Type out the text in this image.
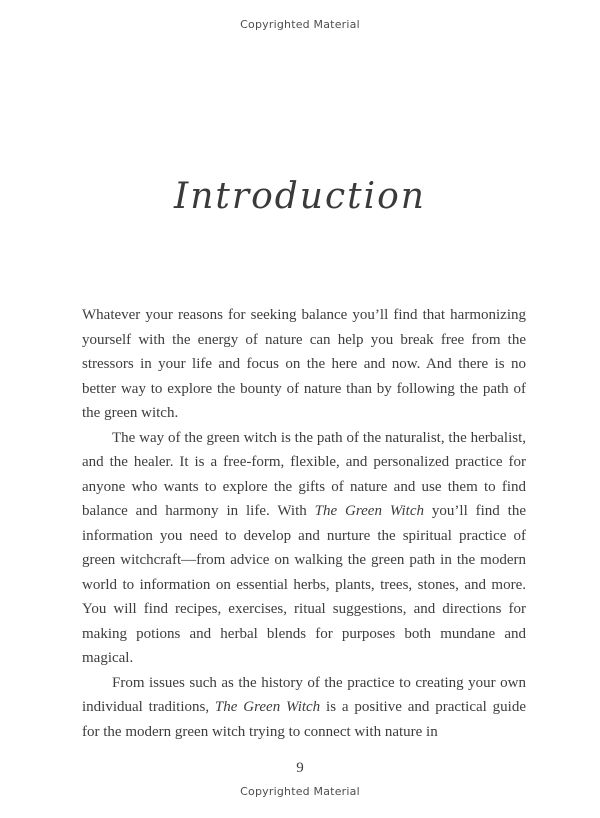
Copyrighted Material
Introduction

Whatever your reasons for seeking balance you’ll find that harmonizing yourself with the energy of nature can help you break free from the stressors in your life and focus on the here and now. And there is no better way to explore the bounty of nature than by following the path of the green witch.

The way of the green witch is the path of the naturalist, the herbalist, and the healer. It is a free-form, flexible, and personalized practice for anyone who wants to explore the gifts of nature and use them to find balance and harmony in life. With The Green Witch you’ll find the information you need to develop and nurture the spiritual practice of green witchcraft—from advice on walking the green path in the modern world to information on essential herbs, plants, trees, stones, and more. You will find recipes, exercises, ritual suggestions, and directions for making potions and herbal blends for purposes both mundane and magical.

From issues such as the history of the practice to creating your own individual traditions, The Green Witch is a positive and practical guide for the modern green witch trying to connect with nature in

9
Copyrighted Material
